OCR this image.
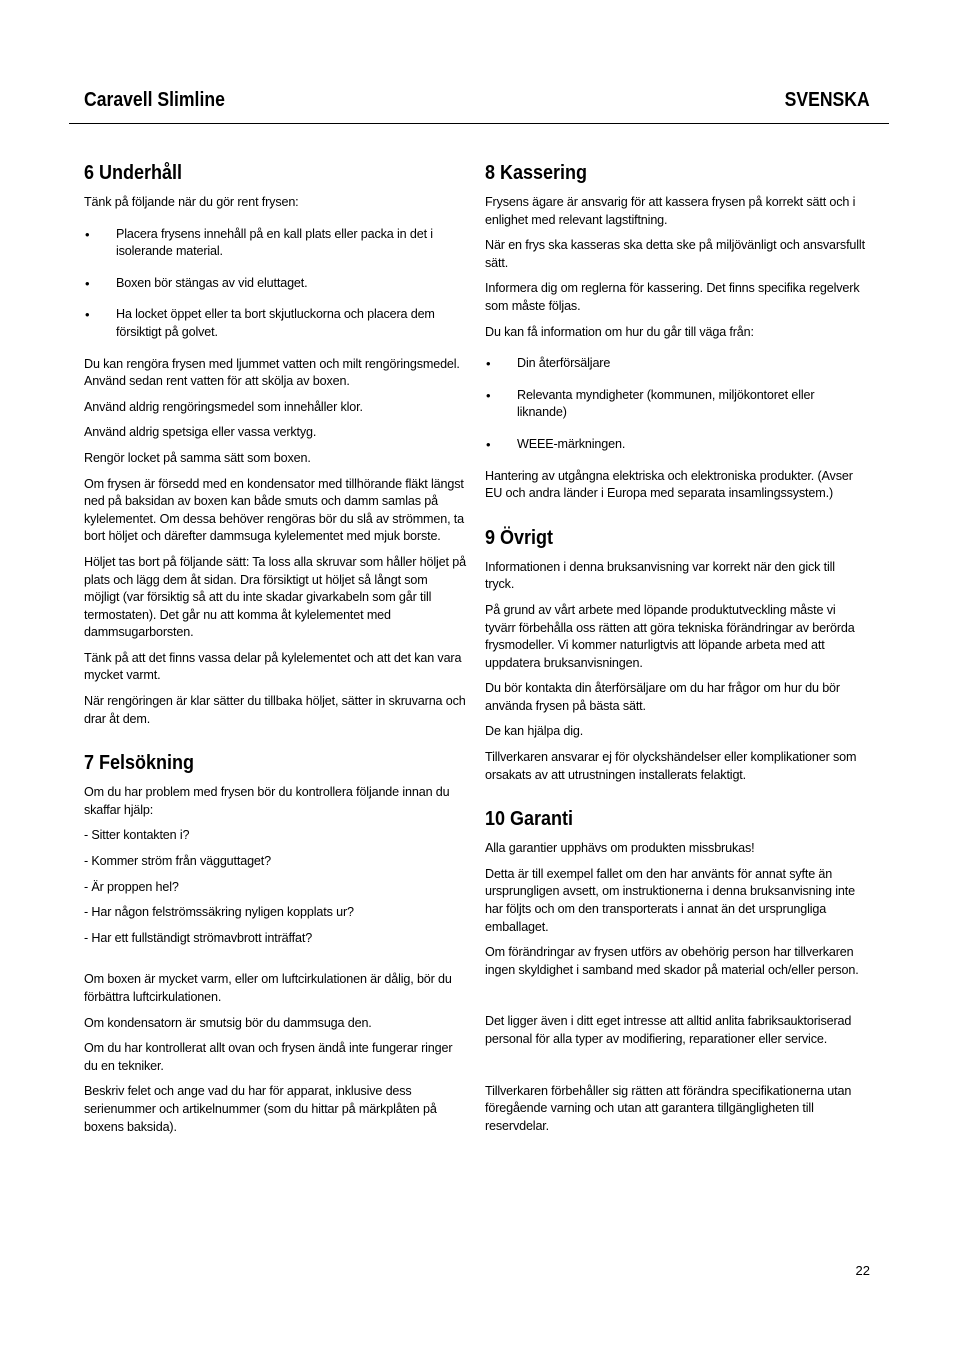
Caravell Slimline	SVENSKA
6 Underhåll

Tänk på följande när du gör rent frysen:

• Placera frysens innehåll på en kall plats eller packa in det i isolerande material.
• Boxen bör stängas av vid eluttaget.
• Ha locket öppet eller ta bort skjutluckorna och placera dem försiktigt på golvet.

Du kan rengöra frysen med ljummet vatten och milt rengöringsmedel. Använd sedan rent vatten för att skölja av boxen.

Använd aldrig rengöringsmedel som innehåller klor.

Använd aldrig spetsiga eller vassa verktyg.

Rengör locket på samma sätt som boxen.

Om frysen är försedd med en kondensator med tillhörande fläkt längst ned på baksidan av boxen kan både smuts och damm samlas på kylelementet. Om dessa behöver rengöras bör du slå av strömmen, ta bort höljet och därefter dammsuga kylelementet med mjuk borste.

Höljet tas bort på följande sätt: Ta loss alla skruvar som håller höljet på plats och lägg dem åt sidan. Dra försiktigt ut höljet så långt som möjligt (var försiktig så att du inte skadar givarkabeln som går till termostaten). Det går nu att komma åt kylelementet med dammsugarborsten.

Tänk på att det finns vassa delar på kylelementet och att det kan vara mycket varmt.

När rengöringen är klar sätter du tillbaka höljet, sätter in skruvarna och drar åt dem.

7 Felsökning

Om du har problem med frysen bör du kontrollera följande innan du skaffar hjälp:

- Sitter kontakten i?

- Kommer ström från vägguttaget?

- Är proppen hel?

- Har någon felströmssäkring nyligen kopplats ur?

- Har ett fullständigt strömavbrott inträffat?

Om boxen är mycket varm, eller om luftcirkulationen är dålig, bör du förbättra luftcirkulationen.

Om kondensatorn är smutsig bör du dammsuga den.

Om du har kontrollerat allt ovan och frysen ändå inte fungerar ringer du en tekniker.

Beskriv felet och ange vad du har för apparat, inklusive dess serienummer och artikelnummer (som du hittar på märkplåten på boxens baksida).

8 Kassering

Frysens ägare är ansvarig för att kassera frysen på korrekt sätt och i enlighet med relevant lagstiftning.

När en frys ska kasseras ska detta ske på miljövänligt och ansvarsfullt sätt.

Informera dig om reglerna för kassering. Det finns specifika regelverk som måste följas.

Du kan få information om hur du går till väga från:

• Din återförsäljare
• Relevanta myndigheter (kommunen, miljökontoret eller liknande)
• WEEE-märkningen.

Hantering av utgångna elektriska och elektroniska produkter. (Avser EU och andra länder i Europa med separata insamlingssystem.)

9 Övrigt

Informationen i denna bruksanvisning var korrekt när den gick till tryck.

På grund av vårt arbete med löpande produktutveckling måste vi tyvärr förbehålla oss rätten att göra tekniska förändringar av berörda frysmodeller. Vi kommer naturligtvis att löpande arbeta med att uppdatera bruksanvisningen.

Du bör kontakta din återförsäljare om du har frågor om hur du bör använda frysen på bästa sätt.

De kan hjälpa dig.

Tillverkaren ansvarar ej för olyckshändelser eller komplikationer som orsakats av att utrustningen installerats felaktigt.

10 Garanti

Alla garantier upphävs om produkten missbrukas!

Detta är till exempel fallet om den har använts för annat syfte än ursprungligen avsett, om instruktionerna i denna bruksanvisning inte har följts och om den transporterats i annat än det ursprungliga emballaget.

Om förändringar av frysen utförs av obehörig person har tillverkaren ingen skyldighet i samband med skador på material och/eller person.

Det ligger även i ditt eget intresse att alltid anlita fabriksauktoriserad personal för alla typer av modifiering, reparationer eller service.

Tillverkaren förbehåller sig rätten att förändra specifikationerna utan föregående varning och utan att garantera tillgängligheten till reservdelar.

22
